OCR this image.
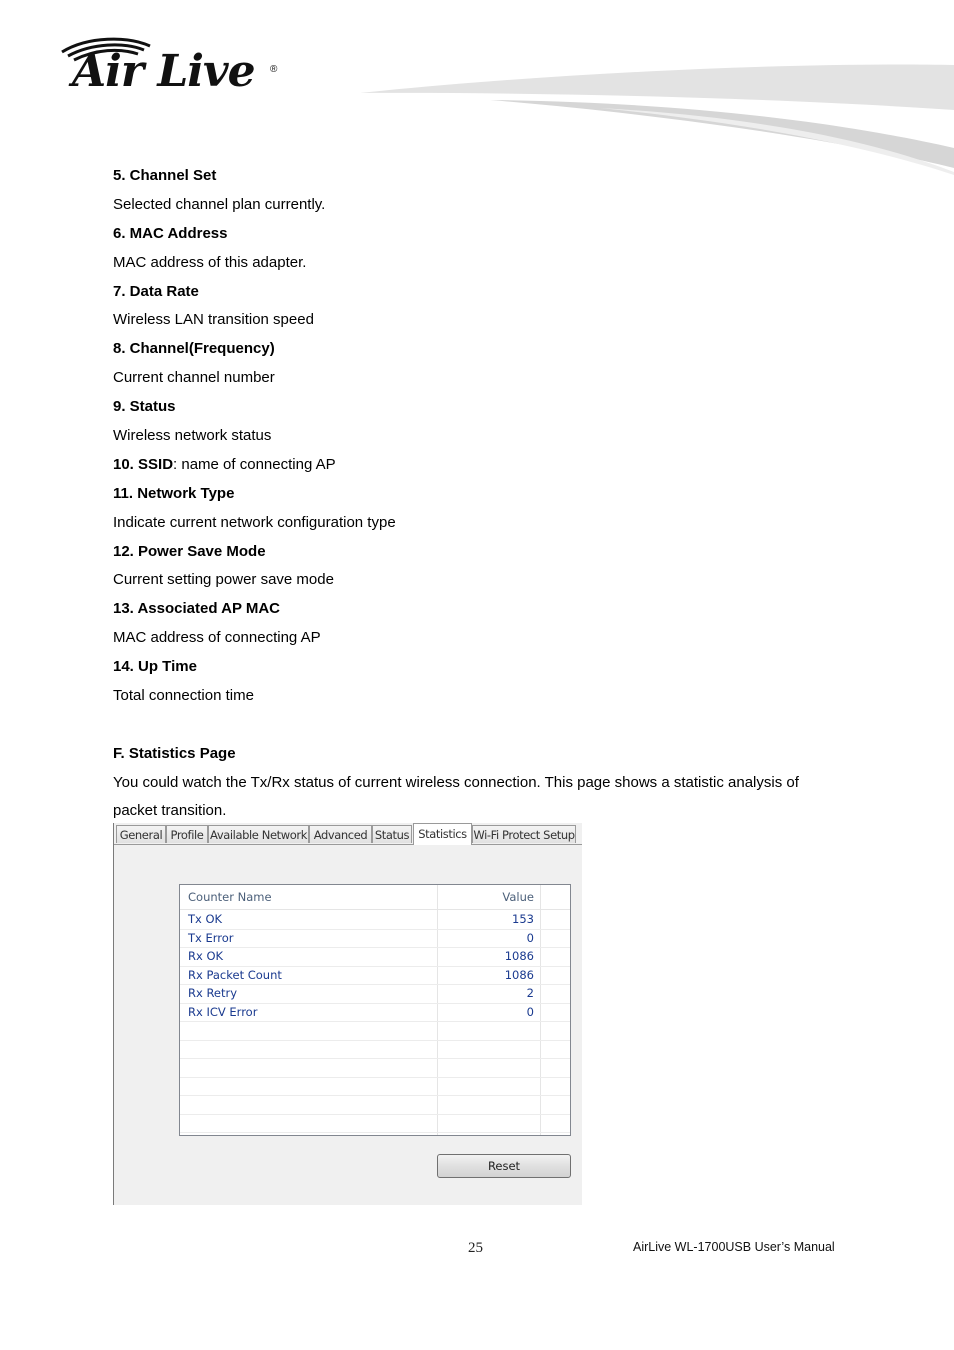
Air Live ®
5. Channel Set
Selected channel plan currently.
6. MAC Address
MAC address of this adapter.
7. Data Rate
Wireless LAN transition speed
8. Channel(Frequency)
Current channel number
9. Status
Wireless network status
10. SSID: name of connecting AP
11. Network Type
Indicate current network configuration type
12. Power Save Mode
Current setting power save mode
13. Associated AP MAC
MAC address of connecting AP
14. Up Time
Total connection time
F. Statistics Page
You could watch the Tx/Rx status of current wireless connection. This page shows a statistic analysis of
packet transition.
General Profile Available Network Advanced Status Statistics Wi-Fi Protect Setup
Counter Name	Value
Tx OK	153
Tx Error	0
Rx OK	1086
Rx Packet Count	1086
Rx Retry	2
Rx ICV Error	0
Reset
25	AirLive WL-1700USB User’s Manual
